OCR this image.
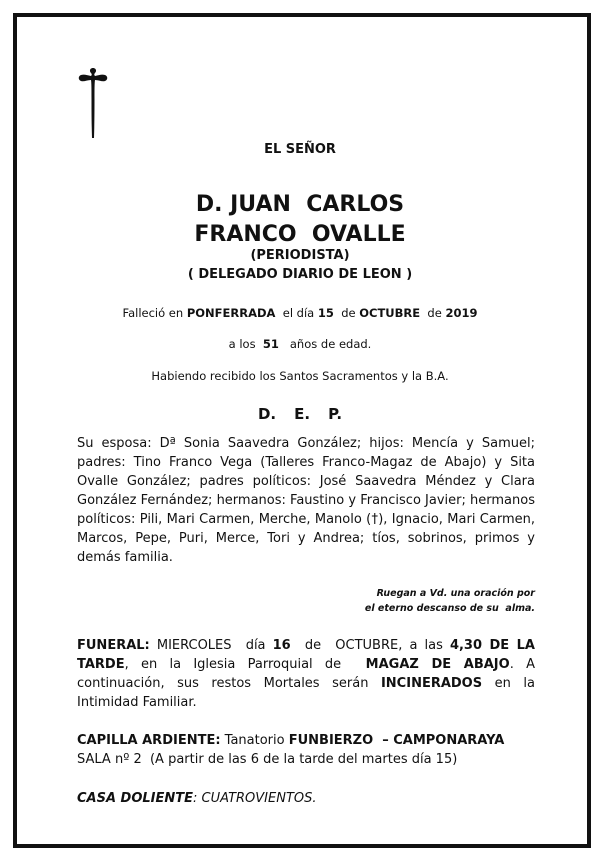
EL SEÑOR
D. JUAN  CARLOS
FRANCO  OVALLE
(PERIODISTA)
( DELEGADO DIARIO DE LEON )
Falleció en PONFERRADA  el día 15  de OCTUBRE  de 2019
a los  51   años de edad.
Habiendo recibido los Santos Sacramentos y la B.A.
D. E. P.
Su esposa: Dª Sonia Saavedra González; hijos: Mencía y Samuel; padres: Tino Franco Vega (Talleres Franco-Magaz de Abajo) y Sita Ovalle González; padres políticos: José Saavedra Méndez y Clara González Fernández; hermanos: Faustino y Francisco Javier; hermanos políticos: Pili, Mari Carmen, Merche, Manolo (†), Ignacio, Mari Carmen, Marcos, Pepe, Puri, Merce, Tori y Andrea; tíos, sobrinos, primos y demás familia.
Ruegan a Vd. una oración por
el eterno descanso de su  alma.
FUNERAL: MIERCOLES  día 16  de  OCTUBRE, a las 4,30 DE LA TARDE, en la Iglesia Parroquial de  MAGAZ DE ABAJO. A continuación, sus restos Mortales serán INCINERADOS en la Intimidad Familiar.
CAPILLA ARDIENTE: Tanatorio FUNBIERZO  – CAMPONARAYA
SALA nº 2  (A partir de las 6 de la tarde del martes día 15)
CASA DOLIENTE: CUATROVIENTOS.
